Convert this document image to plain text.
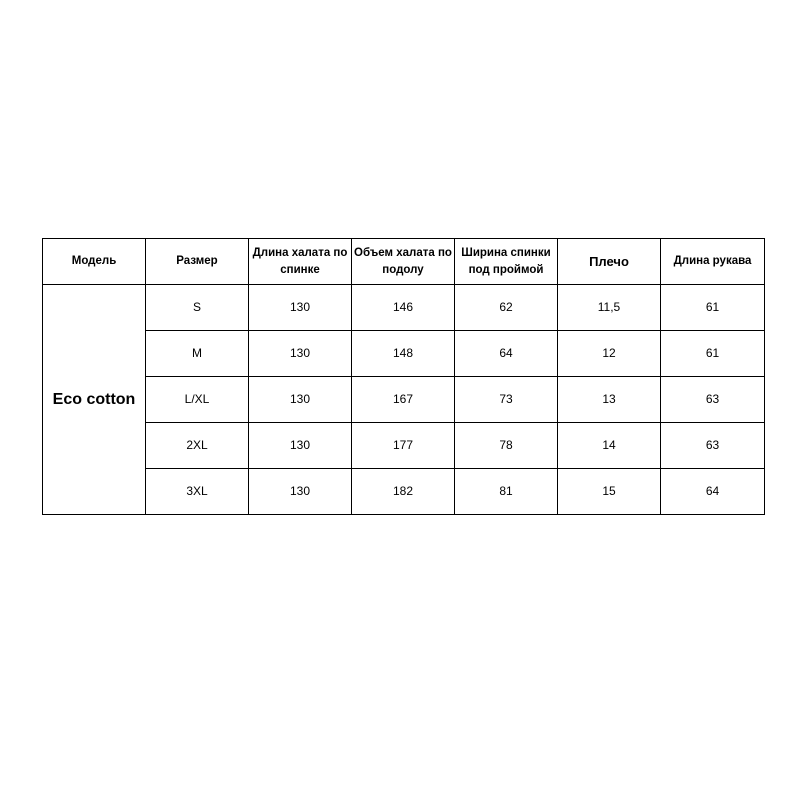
Модель	Размер	Длина халата по спинке	Объем халата по подолу	Ширина спинки под проймой	Плечо	Длина рукава
Eco cotton	S	130	146	62	11,5	61
	M	130	148	64	12	61
	L/XL	130	167	73	13	63
	2XL	130	177	78	14	63
	3XL	130	182	81	15	64
